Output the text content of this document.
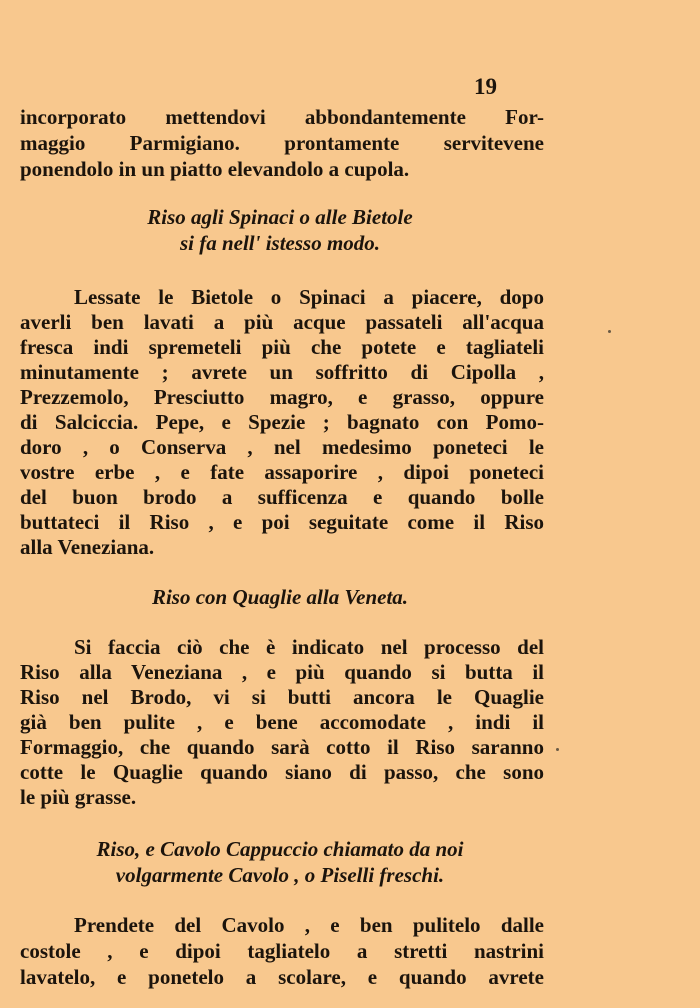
19
incorporato mettendovi abbondantemente For-
maggio Parmigiano. prontamente servitevene
ponendolo in un piatto elevandolo a cupola.
Riso agli Spinaci o alle Bietole
si fa nell' istesso modo.
Lessate le Bietole o Spinaci a piacere, dopo
averli ben lavati a più acque passateli all'acqua
fresca indi spremeteli più che potete e tagliateli
minutamente ; avrete un soffritto di Cipolla ,
Prezzemolo, Presciutto magro, e grasso, oppure
di Salciccia. Pepe, e Spezie ; bagnato con Pomo-
doro , o Conserva , nel medesimo poneteci le
vostre erbe , e fate assaporire , dipoi poneteci
del buon brodo a sufficenza e quando bolle
buttateci il Riso , e poi seguitate come il Riso
alla Veneziana.
Riso con Quaglie alla Veneta.
Si faccia ciò che è indicato nel processo del
Riso alla Veneziana , e più quando si butta il
Riso nel Brodo, vi si butti ancora le Quaglie
già ben pulite , e bene accomodate , indi il
Formaggio, che quando sarà cotto il Riso saranno
cotte le Quaglie quando siano di passo, che sono
le più grasse.
Riso, e Cavolo Cappuccio chiamato da noi
volgarmente Cavolo , o Piselli freschi.
Prendete del Cavolo , e ben pulitelo dalle
costole , e dipoi tagliatelo a stretti nastrini
lavatelo, e ponetelo a scolare, e quando avrete
